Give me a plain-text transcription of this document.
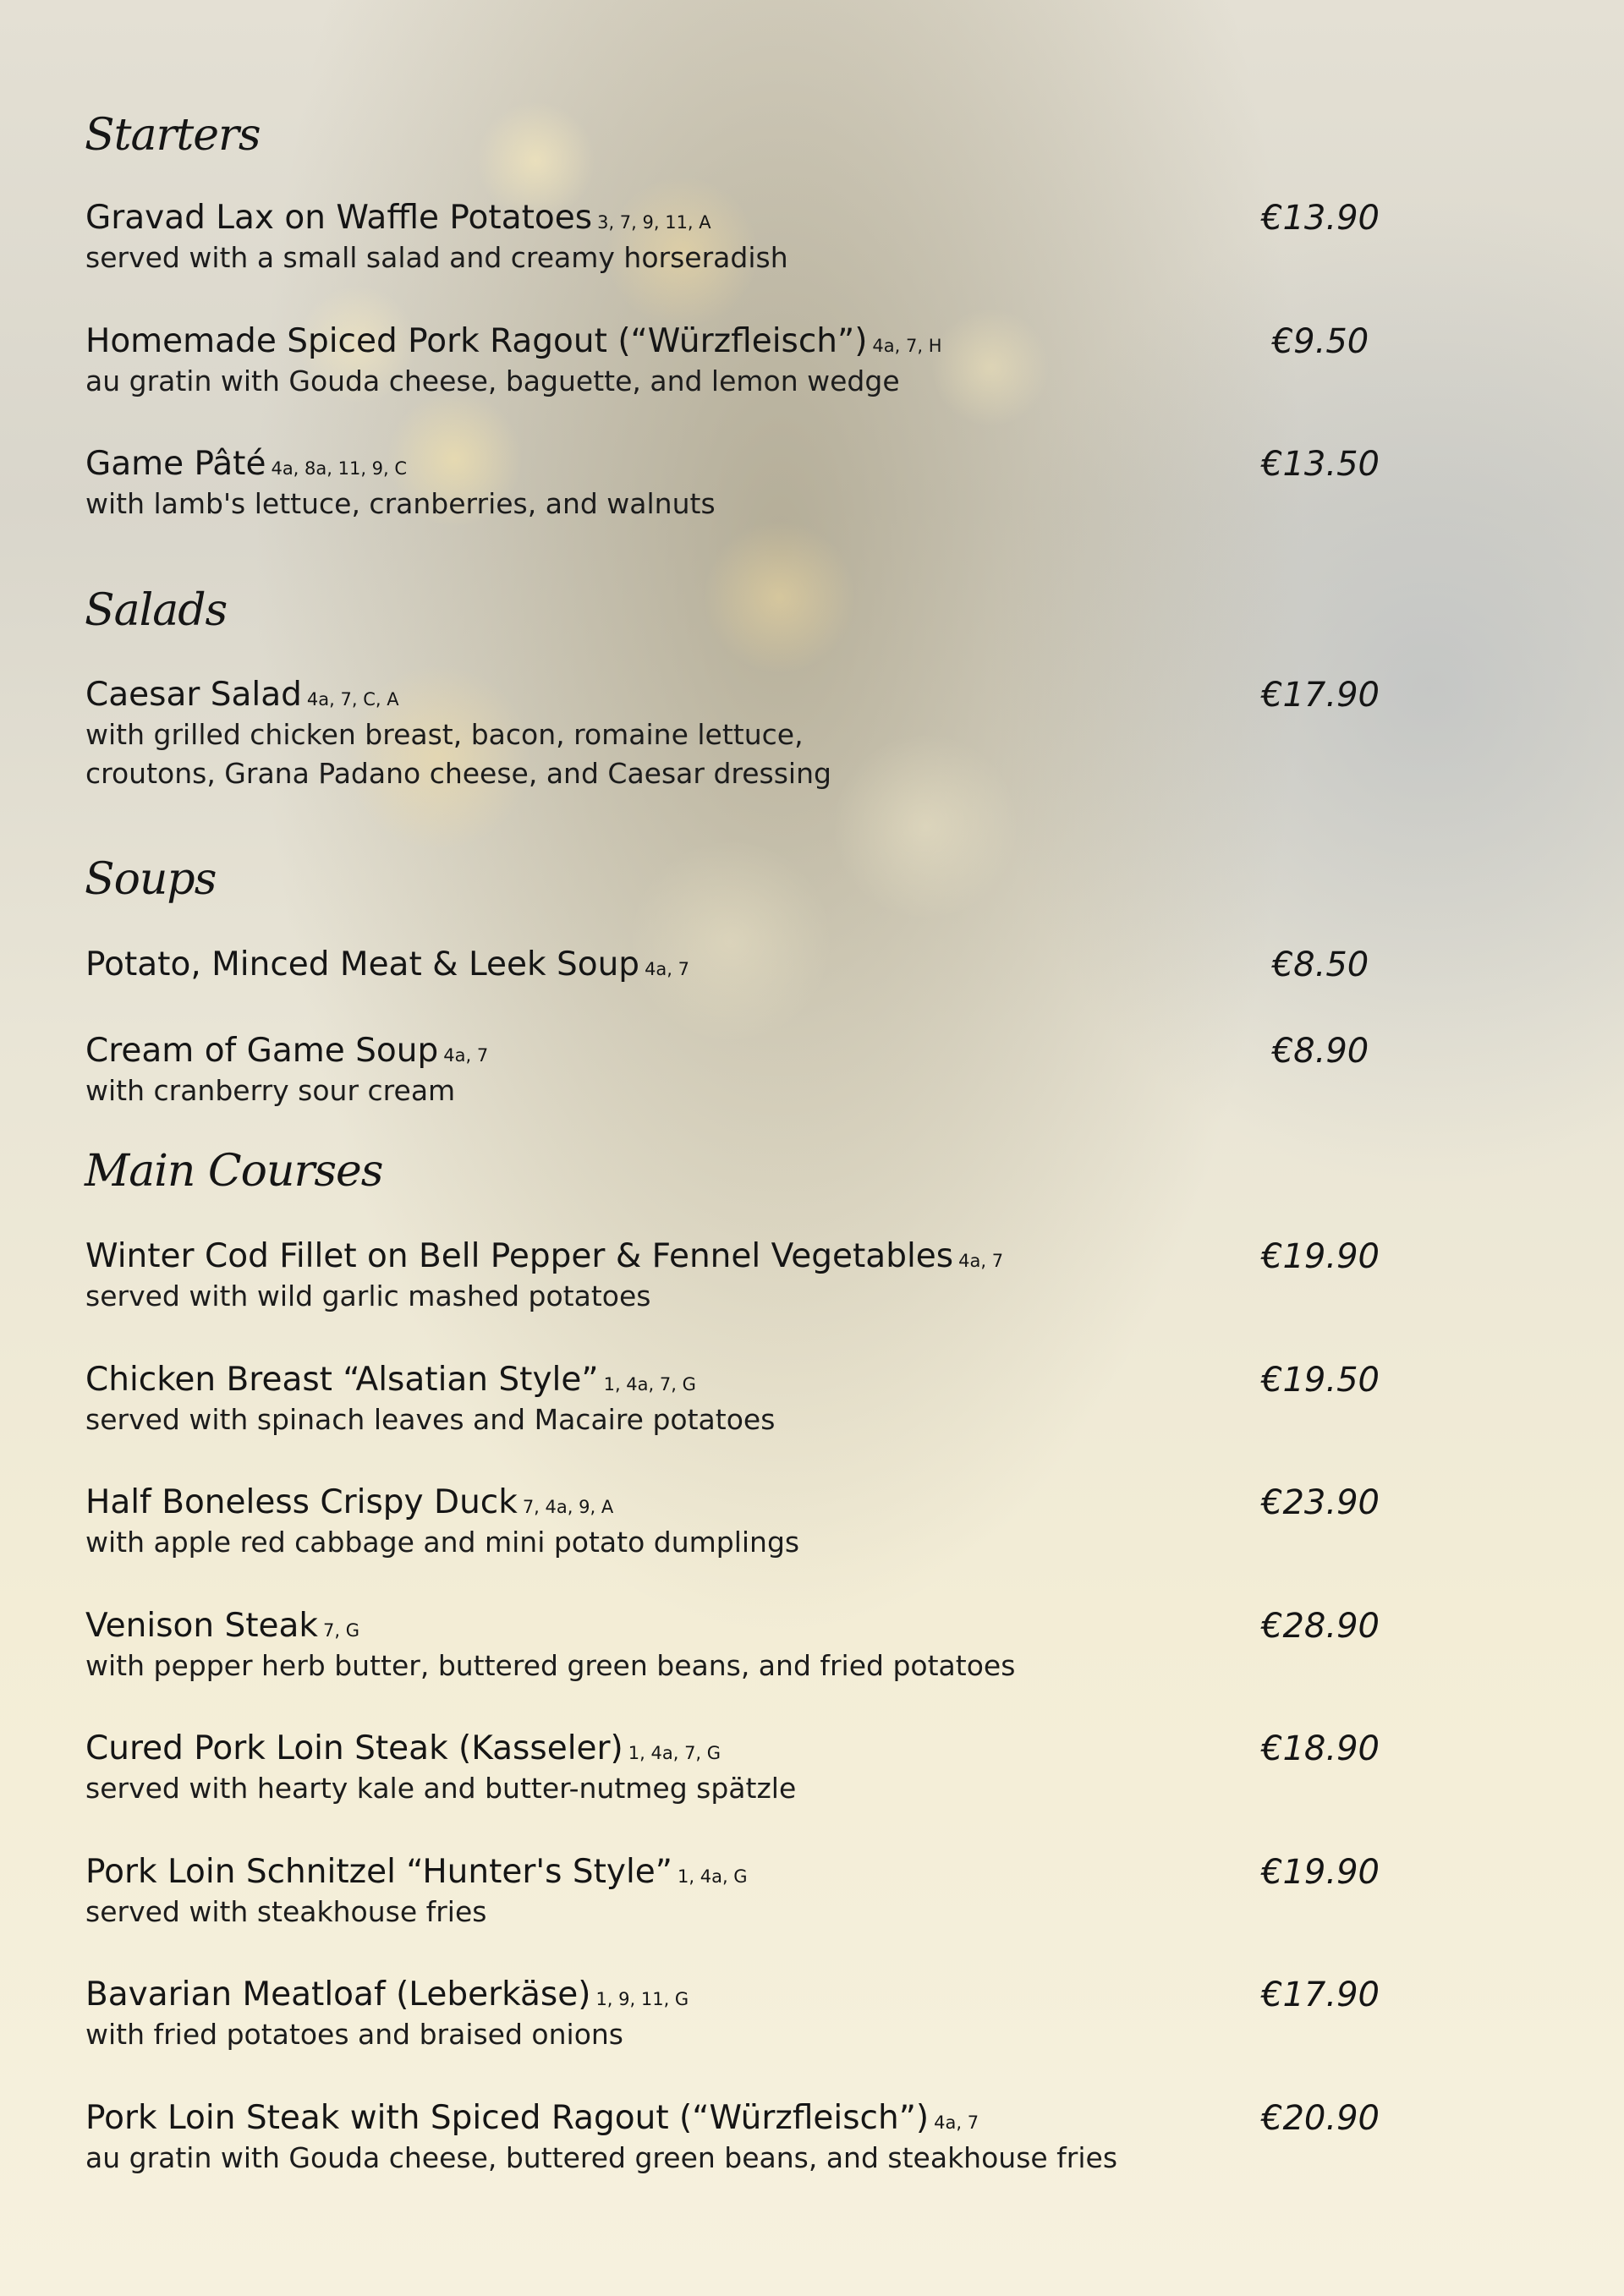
Starters
Gravad Lax on Waffle Potatoes 3, 7, 9, 11, A
served with a small salad and creamy horseradish
€13.90
Homemade Spiced Pork Ragout (“Würzfleisch”) 4a, 7, H
au gratin with Gouda cheese, baguette, and lemon wedge
€9.50
Game Pâté 4a, 8a, 11, 9, C
with lamb's lettuce, cranberries, and walnuts
€13.50
Salads
Caesar Salad 4a, 7, C, A
with grilled chicken breast, bacon, romaine lettuce,
croutons, Grana Padano cheese, and Caesar dressing
€17.90
Soups
Potato, Minced Meat & Leek Soup 4a, 7	€8.50
Cream of Game Soup 4a, 7
with cranberry sour cream
€8.90
Main Courses
Winter Cod Fillet on Bell Pepper & Fennel Vegetables 4a, 7
served with wild garlic mashed potatoes
€19.90
Chicken Breast “Alsatian Style” 1, 4a, 7, G
served with spinach leaves and Macaire potatoes
€19.50
Half Boneless Crispy Duck 7, 4a, 9, A
with apple red cabbage and mini potato dumplings
€23.90
Venison Steak 7, G
with pepper herb butter, buttered green beans, and fried potatoes
€28.90
Cured Pork Loin Steak (Kasseler) 1, 4a, 7, G
served with hearty kale and butter-nutmeg spätzle
€18.90
Pork Loin Schnitzel “Hunter's Style” 1, 4a, G
served with steakhouse fries
€19.90
Bavarian Meatloaf (Leberkäse) 1, 9, 11, G
with fried potatoes and braised onions
€17.90
Pork Loin Steak with Spiced Ragout (“Würzfleisch”) 4a, 7
au gratin with Gouda cheese, buttered green beans, and steakhouse fries
€20.90
